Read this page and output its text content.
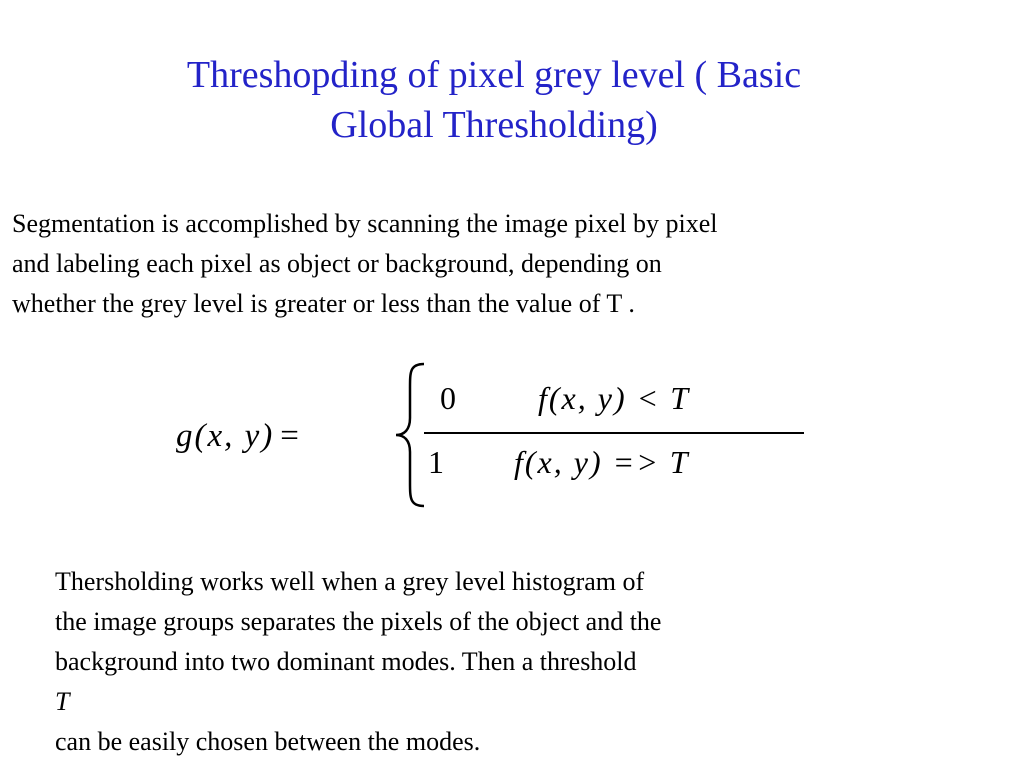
Threshopding of pixel grey level ( Basic
Global Thresholding)
Segmentation is accomplished by scanning the image pixel by pixel
and labeling each pixel as object or background, depending on
whether the grey level is greater or less than the value of T .
g(x, y) =
0	f(x, y) < T
1 f(x, y) => T
Thersholding works well when a grey level histogram of
the image groups separates the pixels of the object and the
background into two dominant modes. Then a threshold
T
can be easily chosen between the modes.
